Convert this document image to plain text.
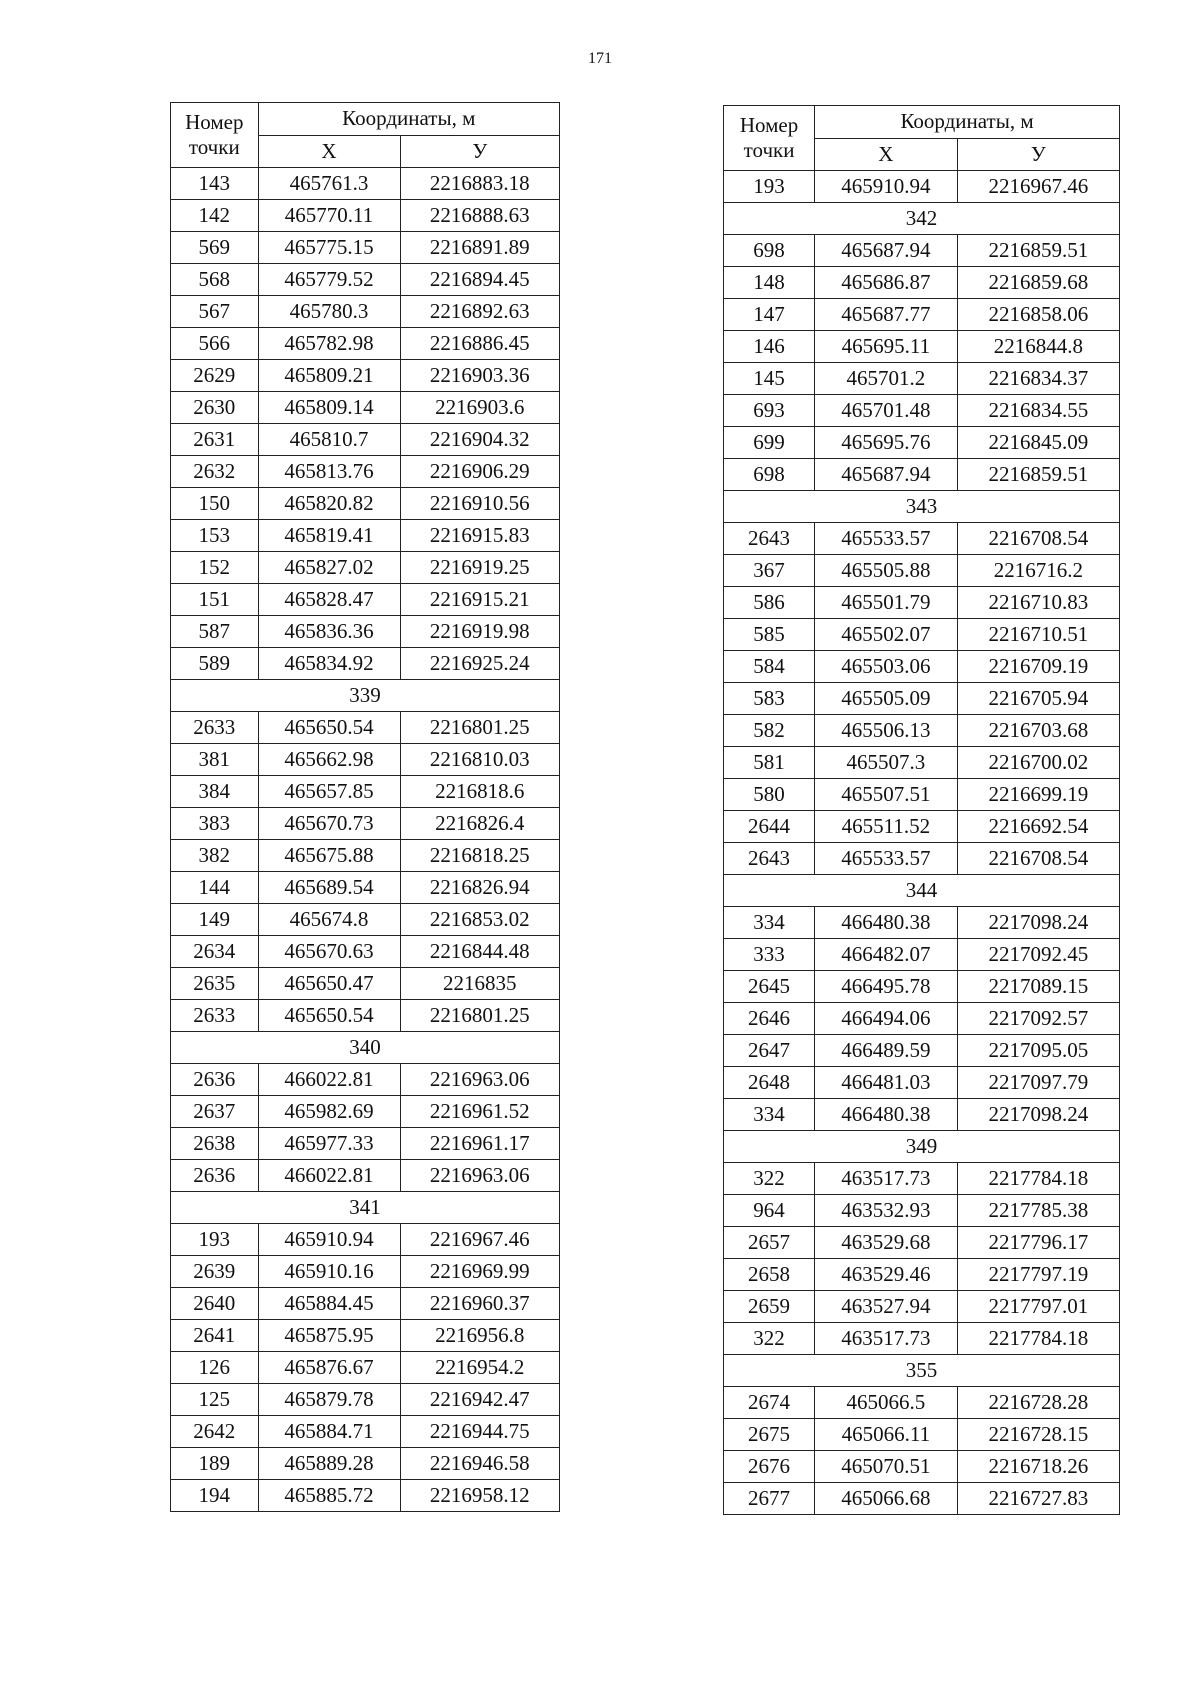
171
Номер	Координаты, м	
точки	Х	У
143	465761.3	2216883.18
142	465770.11	2216888.63
569	465775.15	2216891.89
568	465779.52	2216894.45
567	465780.3	2216892.63
566	465782.98	2216886.45
2629	465809.21	2216903.36
2630	465809.14	2216903.6
2631	465810.7	2216904.32
2632	465813.76	2216906.29
150	465820.82	2216910.56
153	465819.41	2216915.83
152	465827.02	2216919.25
151	465828.47	2216915.21
587	465836.36	2216919.98
589	465834.92	2216925.24
339		
2633	465650.54	2216801.25
381	465662.98	2216810.03
384	465657.85	2216818.6
383	465670.73	2216826.4
382	465675.88	2216818.25
144	465689.54	2216826.94
149	465674.8	2216853.02
2634	465670.63	2216844.48
2635	465650.47	2216835
2633	465650.54	2216801.25
340		
2636	466022.81	2216963.06
2637	465982.69	2216961.52
2638	465977.33	2216961.17
2636	466022.81	2216963.06
341		
193	465910.94	2216967.46
2639	465910.16	2216969.99
2640	465884.45	2216960.37
2641	465875.95	2216956.8
126	465876.67	2216954.2
125	465879.78	2216942.47
2642	465884.71	2216944.75
189	465889.28	2216946.58
194	465885.72	2216958.12
Номер	Координаты, м	
точки	Х	У
193	465910.94	2216967.46
342		
698	465687.94	2216859.51
148	465686.87	2216859.68
147	465687.77	2216858.06
146	465695.11	2216844.8
145	465701.2	2216834.37
693	465701.48	2216834.55
699	465695.76	2216845.09
698	465687.94	2216859.51
343		
2643	465533.57	2216708.54
367	465505.88	2216716.2
586	465501.79	2216710.83
585	465502.07	2216710.51
584	465503.06	2216709.19
583	465505.09	2216705.94
582	465506.13	2216703.68
581	465507.3	2216700.02
580	465507.51	2216699.19
2644	465511.52	2216692.54
2643	465533.57	2216708.54
344		
334	466480.38	2217098.24
333	466482.07	2217092.45
2645	466495.78	2217089.15
2646	466494.06	2217092.57
2647	466489.59	2217095.05
2648	466481.03	2217097.79
334	466480.38	2217098.24
349		
322	463517.73	2217784.18
964	463532.93	2217785.38
2657	463529.68	2217796.17
2658	463529.46	2217797.19
2659	463527.94	2217797.01
322	463517.73	2217784.18
355		
2674	465066.5	2216728.28
2675	465066.11	2216728.15
2676	465070.51	2216718.26
2677	465066.68	2216727.83
